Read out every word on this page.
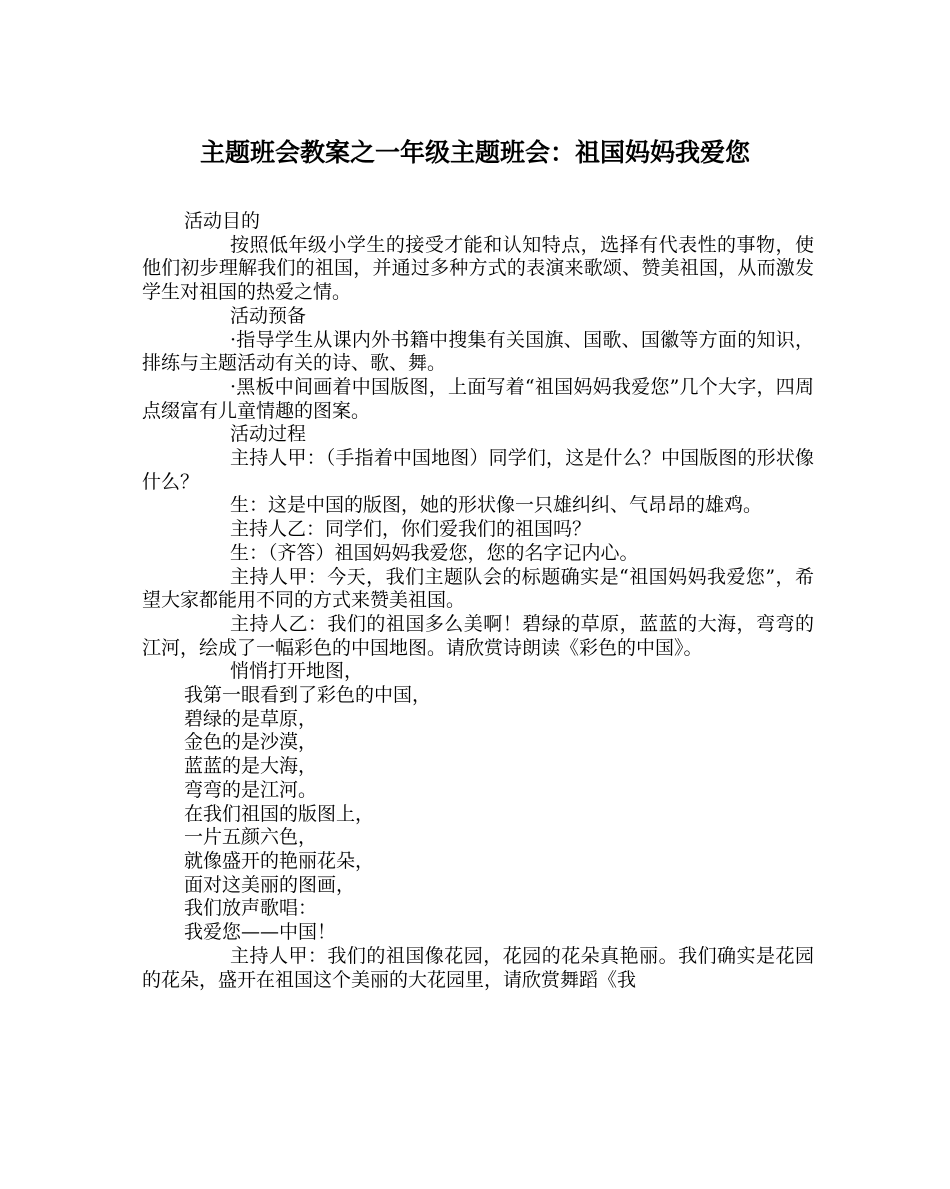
主题班会教案之一年级主题班会：祖国妈妈我爱您

活动目的

按照低年级小学生的接受才能和认知特点，选择有代表性的事物，使他们初步理解我们的祖国，并通过多种方式的表演来歌颂、赞美祖国，从而激发学生对祖国的热爱之情。

活动预备

·指导学生从课内外书籍中搜集有关国旗、国歌、国徽等方面的知识，排练与主题活动有关的诗、歌、舞。

·黑板中间画着中国版图，上面写着“祖国妈妈我爱您”几个大字，四周点缀富有儿童情趣的图案。

活动过程

主持人甲：（手指着中国地图）同学们，这是什么？中国版图的形状像什么？

生：这是中国的版图，她的形状像一只雄纠纠、气昂昂的雄鸡。

主持人乙：同学们，你们爱我们的祖国吗？

生：（齐答）祖国妈妈我爱您，您的名字记内心。

主持人甲：今天，我们主题队会的标题确实是“祖国妈妈我爱您”，希望大家都能用不同的方式来赞美祖国。

主持人乙：我们的祖国多么美啊！碧绿的草原，蓝蓝的大海，弯弯的江河，绘成了一幅彩色的中国地图。请欣赏诗朗读《彩色的中国》。

悄悄打开地图，

我第一眼看到了彩色的中国，

碧绿的是草原，

金色的是沙漠，

蓝蓝的是大海，

弯弯的是江河。

在我们祖国的版图上，

一片五颜六色，

就像盛开的艳丽花朵，

面对这美丽的图画，

我们放声歌唱：

我爱您——中国！

主持人甲：我们的祖国像花园，花园的花朵真艳丽。我们确实是花园的花朵，盛开在祖国这个美丽的大花园里，请欣赏舞蹈《我
